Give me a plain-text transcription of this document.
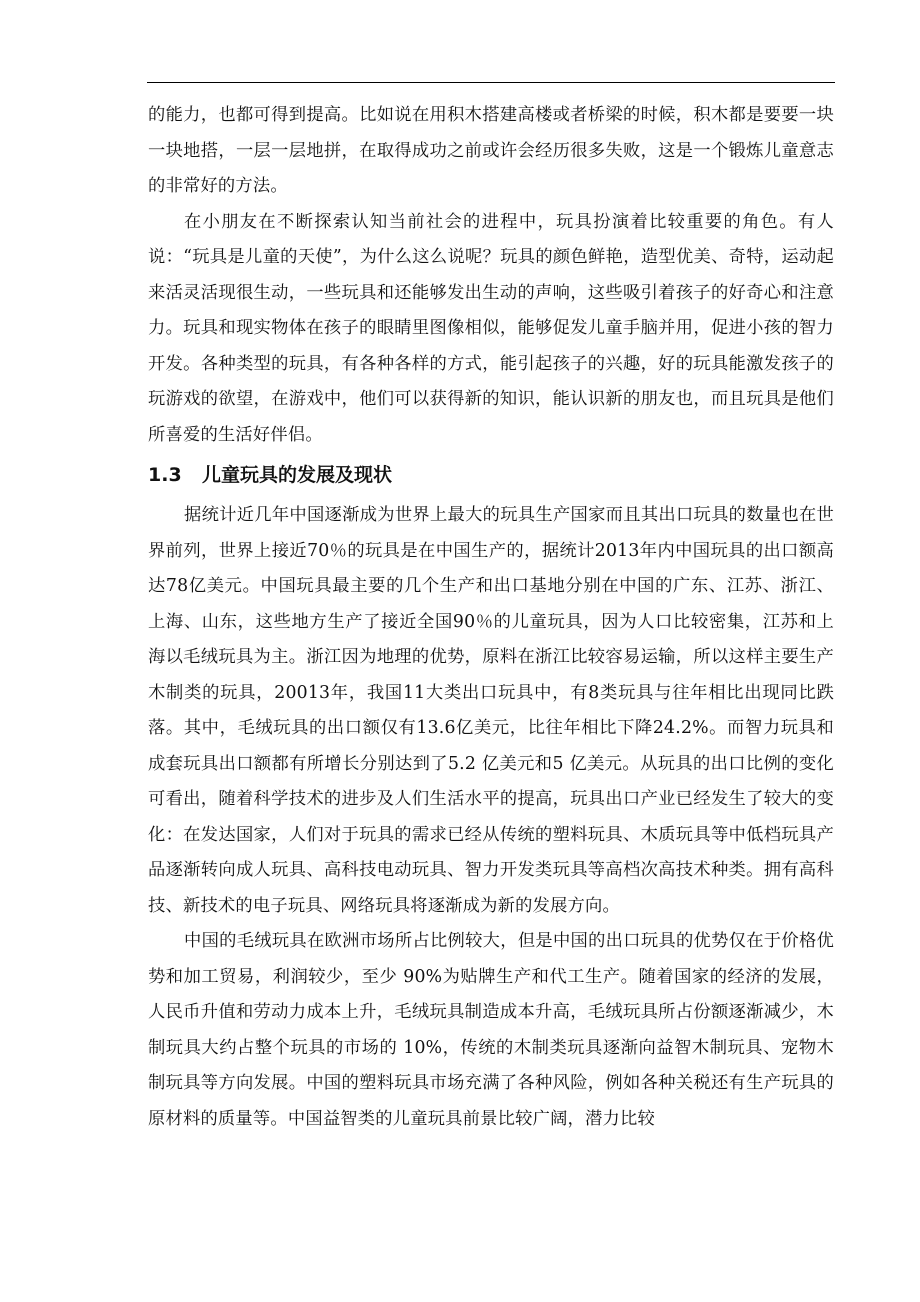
的能力，也都可得到提高。比如说在用积木搭建高楼或者桥梁的时候，积木都是要要一块一块地搭，一层一层地拼，在取得成功之前或许会经历很多失败，这是一个锻炼儿童意志的非常好的方法。

在小朋友在不断探索认知当前社会的进程中，玩具扮演着比较重要的角色。有人说：“玩具是儿童的天使”，为什么这么说呢？玩具的颜色鲜艳，造型优美、奇特，运动起来活灵活现很生动，一些玩具和还能够发出生动的声响，这些吸引着孩子的好奇心和注意力。玩具和现实物体在孩子的眼睛里图像相似，能够促发儿童手脑并用，促进小孩的智力开发。各种类型的玩具，有各种各样的方式，能引起孩子的兴趣，好的玩具能激发孩子的玩游戏的欲望，在游戏中，他们可以获得新的知识，能认识新的朋友也，而且玩具是他们所喜爱的生活好伴侣。

1.3 儿童玩具的发展及现状

据统计近几年中国逐渐成为世界上最大的玩具生产国家而且其出口玩具的数量也在世界前列，世界上接近70％的玩具是在中国生产的，据统计2013年内中国玩具的出口额高达78亿美元。中国玩具最主要的几个生产和出口基地分别在中国的广东、江苏、浙江、上海、山东，这些地方生产了接近全国90％的儿童玩具，因为人口比较密集，江苏和上海以毛绒玩具为主。浙江因为地理的优势，原料在浙江比较容易运输，所以这样主要生产木制类的玩具，20013年，我国11大类出口玩具中，有8类玩具与往年相比出现同比跌落。其中，毛绒玩具的出口额仅有13.6亿美元，比往年相比下降24.2%。而智力玩具和成套玩具出口额都有所增长分别达到了5.2 亿美元和5 亿美元。从玩具的出口比例的变化可看出，随着科学技术的进步及人们生活水平的提高，玩具出口产业已经发生了较大的变化：在发达国家，人们对于玩具的需求已经从传统的塑料玩具、木质玩具等中低档玩具产品逐渐转向成人玩具、高科技电动玩具、智力开发类玩具等高档次高技术种类。拥有高科技、新技术的电子玩具、网络玩具将逐渐成为新的发展方向。

中国的毛绒玩具在欧洲市场所占比例较大，但是中国的出口玩具的优势仅在于价格优势和加工贸易，利润较少，至少 90%为贴牌生产和代工生产。随着国家的经济的发展，人民币升值和劳动力成本上升，毛绒玩具制造成本升高，毛绒玩具所占份额逐渐减少，木制玩具大约占整个玩具的市场的 10%，传统的木制类玩具逐渐向益智木制玩具、宠物木制玩具等方向发展。中国的塑料玩具市场充满了各种风险，例如各种关税还有生产玩具的原材料的质量等。中国益智类的儿童玩具前景比较广阔，潜力比较
